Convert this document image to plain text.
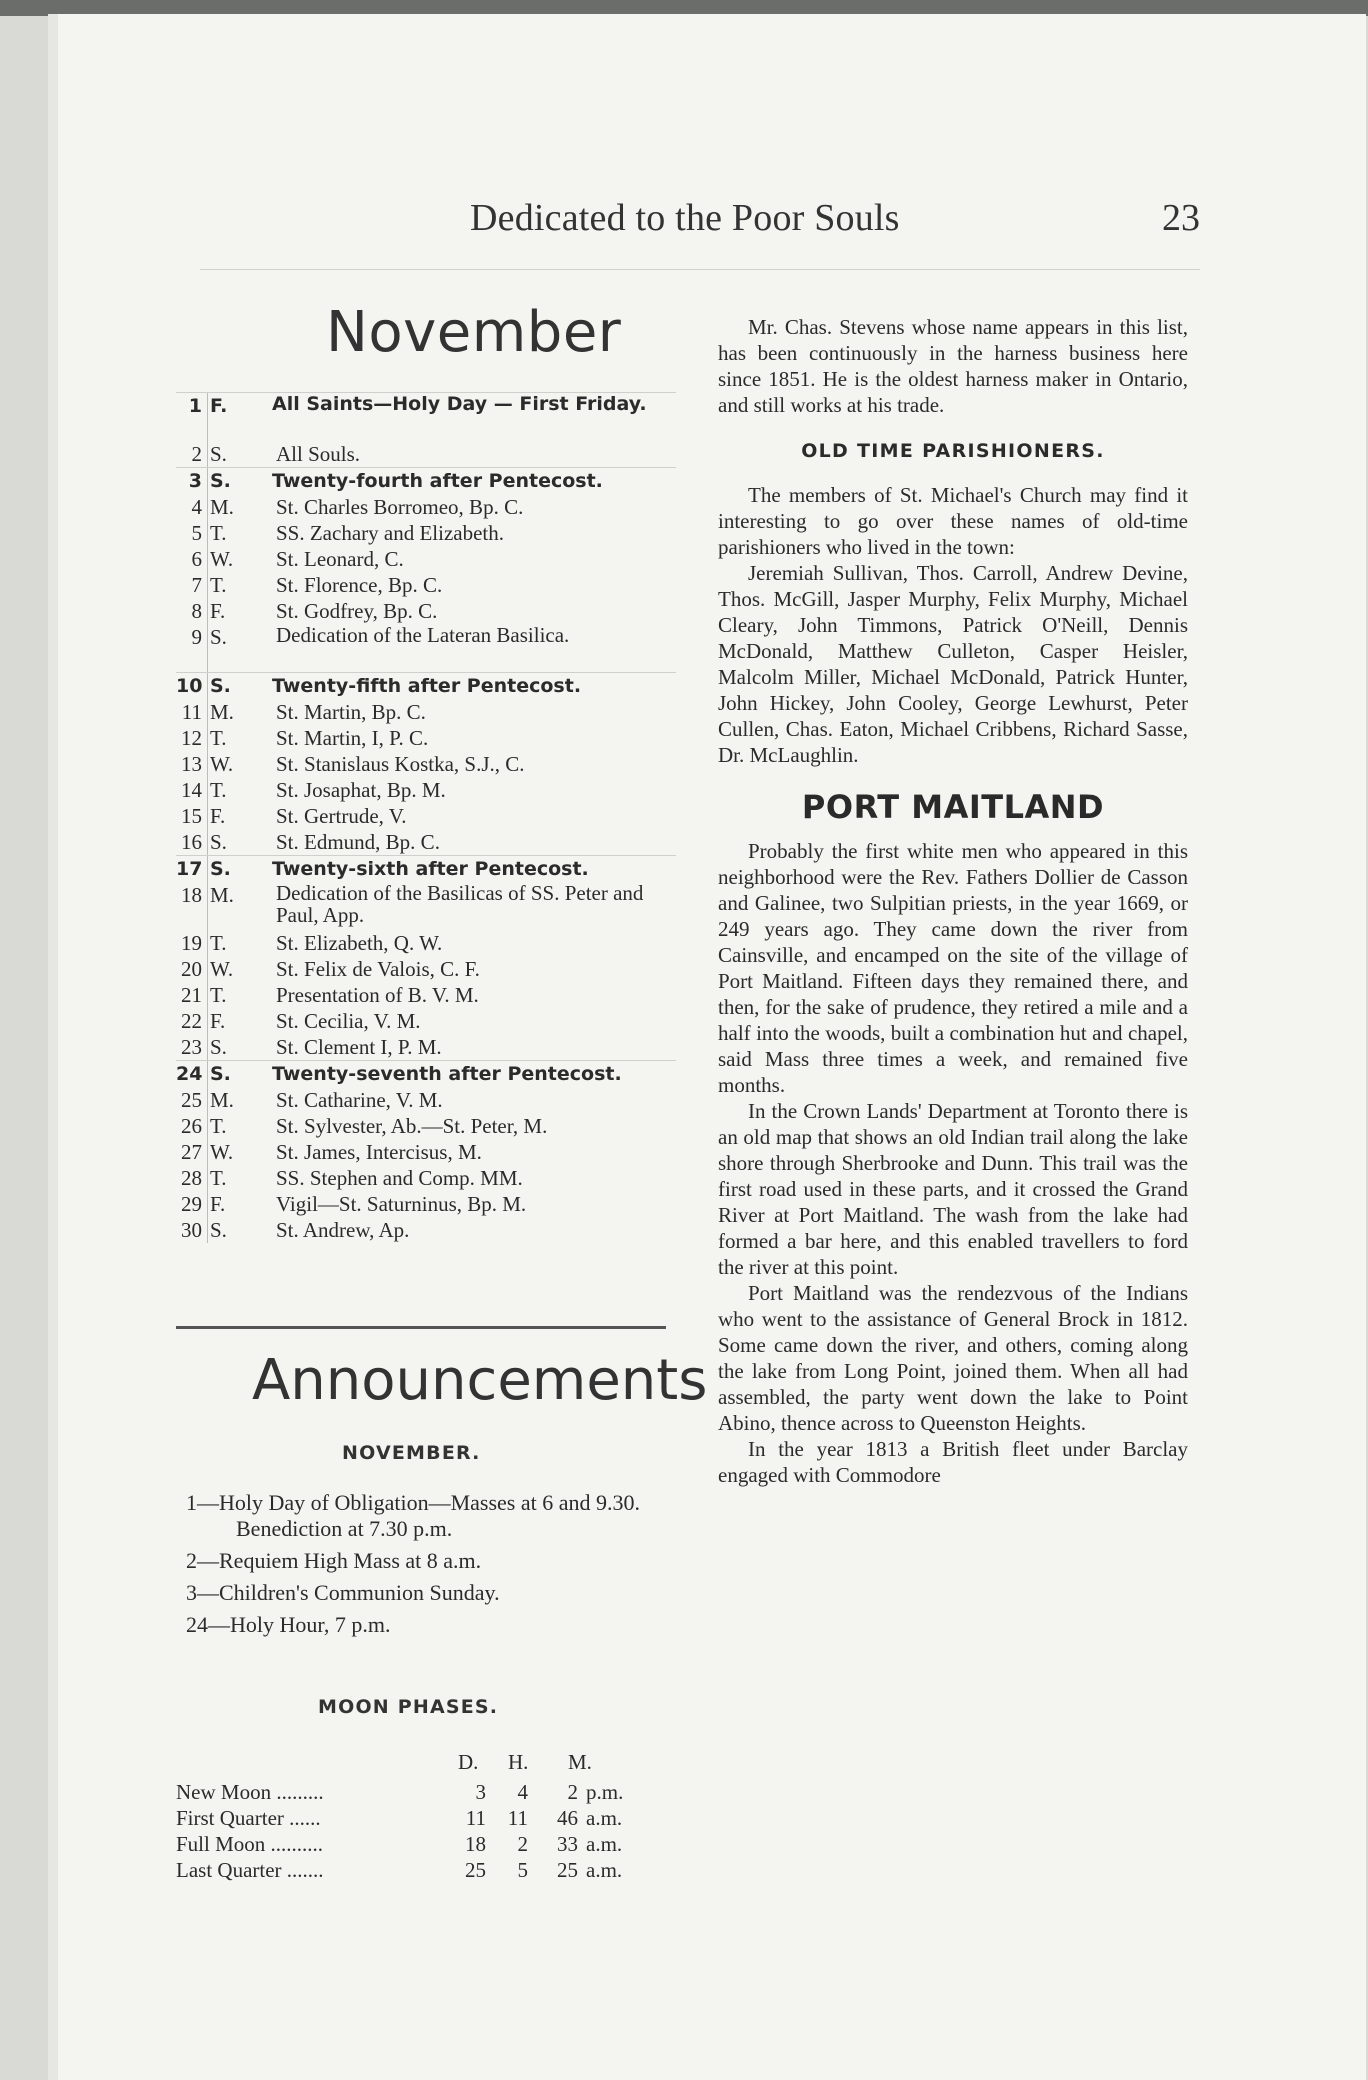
Dedicated to the Poor Souls	23
November
1 F.	All Saints—Holy Day — First Friday.
2 S.	All Souls.
3 S.	Twenty-fourth after Pentecost.
4 M.	St. Charles Borromeo, Bp. C.
5 T.	SS. Zachary and Elizabeth.
6 W.	St. Leonard, C.
7 T.	St. Florence, Bp. C.
8 F.	St. Godfrey, Bp. C.
9 S.	Dedication of the Lateran Basilica.
10 S.	Twenty-fifth after Pentecost.
11 M.	St. Martin, Bp. C.
12 T.	St. Martin, I, P. C.
13 W.	St. Stanislaus Kostka, S.J., C.
14 T.	St. Josaphat, Bp. M.
15 F.	St. Gertrude, V.
16 S.	St. Edmund, Bp. C.
17 S.	Twenty-sixth after Pentecost.
18 M.	Dedication of the Basilicas of SS. Peter and Paul, App.
19 T.	St. Elizabeth, Q. W.
20 W.	St. Felix de Valois, C. F.
21 T.	Presentation of B. V. M.
22 F.	St. Cecilia, V. M.
23 S.	St. Clement I, P. M.
24 S.	Twenty-seventh after Pentecost.
25 M.	St. Catharine, V. M.
26 T.	St. Sylvester, Ab.—St. Peter, M.
27 W.	St. James, Intercisus, M.
28 T.	SS. Stephen and Comp. MM.
29 F.	Vigil—St. Saturninus, Bp. M.
30 S.	St. Andrew, Ap.
Announcements
NOVEMBER.
1—Holy Day of Obligation—Masses at 6 and 9.30. Benediction at 7.30 p.m.
2—Requiem High Mass at 8 a.m.
3—Children's Communion Sunday.
24—Holy Hour, 7 p.m.
MOON PHASES.
D. H. M.
New Moon .........	3	4	2 p.m.
First Quarter ......	11	11	46 a.m.
Full Moon ..........	18	2	33 a.m.
Last Quarter .......	25	5	25 a.m.

Mr. Chas. Stevens whose name appears in this list, has been continuously in the harness business here since 1851. He is the oldest harness maker in Ontario, and still works at his trade.

OLD TIME PARISHIONERS.

The members of St. Michael's Church may find it interesting to go over these names of old-time parishioners who lived in the town:

Jeremiah Sullivan, Thos. Carroll, Andrew Devine, Thos. McGill, Jasper Murphy, Felix Murphy, Michael Cleary, John Timmons, Patrick O'Neill, Dennis McDonald, Matthew Culleton, Casper Heisler, Malcolm Miller, Michael McDonald, Patrick Hunter, John Hickey, John Cooley, George Lewhurst, Peter Cullen, Chas. Eaton, Michael Cribbens, Richard Sasse, Dr. McLaughlin.

PORT MAITLAND

Probably the first white men who appeared in this neighborhood were the Rev. Fathers Dollier de Casson and Galinee, two Sulpitian priests, in the year 1669, or 249 years ago. They came down the river from Cainsville, and encamped on the site of the village of Port Maitland. Fifteen days they remained there, and then, for the sake of prudence, they retired a mile and a half into the woods, built a combination hut and chapel, said Mass three times a week, and remained five months.

In the Crown Lands' Department at Toronto there is an old map that shows an old Indian trail along the lake shore through Sherbrooke and Dunn. This trail was the first road used in these parts, and it crossed the Grand River at Port Maitland. The wash from the lake had formed a bar here, and this enabled travellers to ford the river at this point.

Port Maitland was the rendezvous of the Indians who went to the assistance of General Brock in 1812. Some came down the river, and others, coming along the lake from Long Point, joined them. When all had assembled, the party went down the lake to Point Abino, thence across to Queenston Heights.

In the year 1813 a British fleet under Barclay engaged with Commodore
